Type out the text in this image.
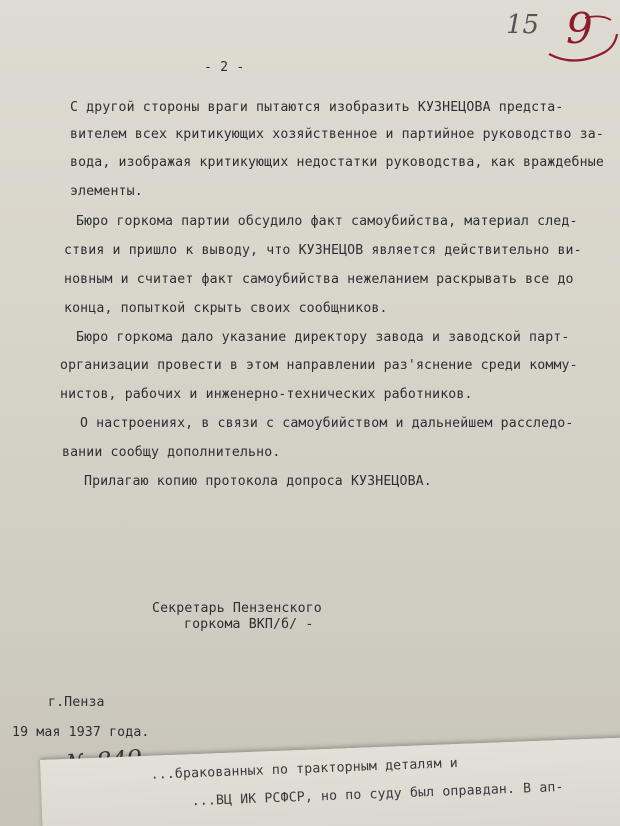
15 9
- 2 -
С другой стороны враги пытаются изобразить КУЗНЕЦОВА предста-
вителем всех критикующих хозяйственное и партийное руководство за-
вода, изображая критикующих недостатки руководства, как враждебные
элементы.
Бюро горкома партии обсудило факт самоубийства, материал след-
ствия и пришло к выводу, что КУЗНЕЦОВ является действительно ви-
новным и считает факт самоубийства нежеланием раскрывать все до
конца, попыткой скрыть своих сообщников.
Бюро горкома дало указание директору завода и заводской парт-
организации провести в этом направлении раз'яснение среди комму-
нистов, рабочих и инженерно-технических работников.
О настроениях, в связи с самоубийством и дальнейшем расследо-
вании сообщу дополнительно.
Прилагаю копию протокола допроса КУЗНЕЦОВА.
Секретарь Пензенского
горкома ВКП/б/ -
г.Пенза
19 мая 1937 года.
...бракованных по тракторным деталям и
...ВЦ ИК РСФСР, но по суду был оправдан. В ап-
